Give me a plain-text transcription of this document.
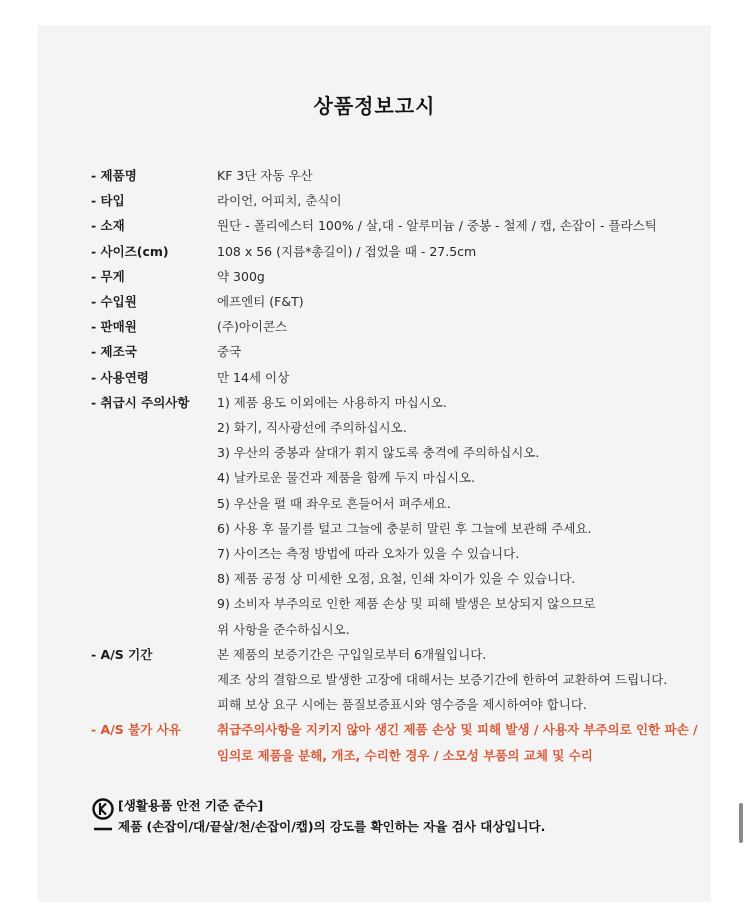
상품정보고시
- 제품명	KF 3단 자동 우산
- 타입	라이언, 어피치, 춘식이
- 소재	원단 - 폴리에스터 100% / 살,대 - 알루미늄 / 중봉 - 철제 / 캡, 손잡이 - 플라스틱
- 사이즈(cm)	108 x 56 (지름*총길이) / 접었을 때 - 27.5cm
- 무게	약 300g
- 수입원	에프엔티 (F&T)
- 판매원	(주)아이콘스
- 제조국	중국
- 사용연령	만 14세 이상
- 취급시 주의사항	1) 제품 용도 이외에는 사용하지 마십시오.
2) 화기, 직사광선에 주의하십시오.
3) 우산의 중봉과 살대가 휘지 않도록 충격에 주의하십시오.
4) 날카로운 물건과 제품을 함께 두지 마십시오.
5) 우산을 펼 때 좌우로 흔들어서 펴주세요.
6) 사용 후 물기를 털고 그늘에 충분히 말린 후 그늘에 보관해 주세요.
7) 사이즈는 측정 방법에 따라 오차가 있을 수 있습니다.
8) 제품 공정 상 미세한 오점, 요철, 인쇄 차이가 있을 수 있습니다.
9) 소비자 부주의로 인한 제품 손상 및 피해 발생은 보상되지 않으므로
위 사항을 준수하십시오.
- A/S 기간	본 제품의 보증기간은 구입일로부터 6개월입니다.
제조 상의 결함으로 발생한 고장에 대해서는 보증기간에 한하여 교환하여 드립니다.
피해 보상 요구 시에는 품질보증표시와 영수증을 제시하여야 합니다.
- A/S 불가 사유	취급주의사항을 지키지 않아 생긴 제품 손상 및 피해 발생 / 사용자 부주의로 인한 파손 /
임의로 제품을 분해, 개조, 수리한 경우 / 소모성 부품의 교체 및 수리
[생활용품 안전 기준 준수]
제품 (손잡이/대/끝살/천/손잡이/캡)의 강도를 확인하는 자율 검사 대상입니다.
